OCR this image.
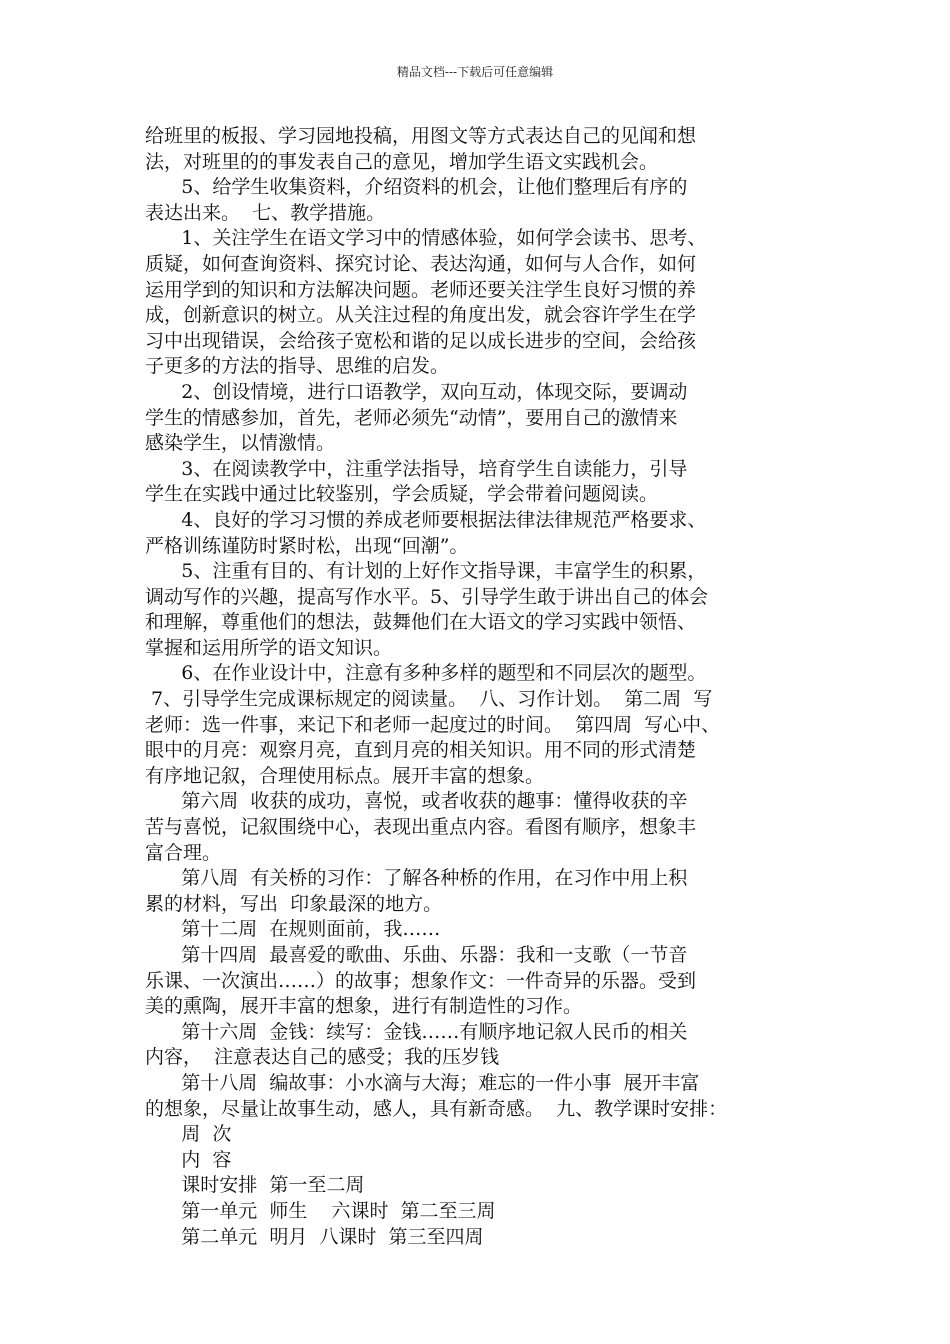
精品文档---下载后可任意编辑

给班里的板报、学习园地投稿，用图文等方式表达自己的见闻和想
法，对班里的的事发表自己的意见，增加学生语文实践机会。
5、给学生收集资料，介绍资料的机会，让他们整理后有序的
表达出来。  七、教学措施。
1、关注学生在语文学习中的情感体验，如何学会读书、思考、
质疑，如何查询资料、探究讨论、表达沟通，如何与人合作，如何
运用学到的知识和方法解决问题。老师还要关注学生良好习惯的养
成，创新意识的树立。从关注过程的角度出发，就会容许学生在学
习中出现错误，会给孩子宽松和谐的足以成长进步的空间，会给孩
子更多的方法的指导、思维的启发。
2、创设情境，进行口语教学，双向互动，体现交际，要调动
学生的情感参加，首先，老师必须先“动情”，要用自己的激情来
感染学生，以情激情。
3、在阅读教学中，注重学法指导，培育学生自读能力，引导
学生在实践中通过比较鉴别，学会质疑，学会带着问题阅读。
4、良好的学习习惯的养成老师要根据法律法律规范严格要求、
严格训练谨防时紧时松，出现“回潮”。
5、注重有目的、有计划的上好作文指导课，丰富学生的积累，
调动写作的兴趣，提高写作水平。5、引导学生敢于讲出自己的体会
和理解，尊重他们的想法，鼓舞他们在大语文的学习实践中领悟、
掌握和运用所学的语文知识。
6、在作业设计中，注意有多种多样的题型和不同层次的题型。
7、引导学生完成课标规定的阅读量。  八、习作计划。  第二周  写
老师：选一件事，来记下和老师一起度过的时间。  第四周  写心中、
眼中的月亮：观察月亮，直到月亮的相关知识。用不同的形式清楚
有序地记叙，合理使用标点。展开丰富的想象。
第六周  收获的成功，喜悦，或者收获的趣事：懂得收获的辛
苦与喜悦，记叙围绕中心，表现出重点内容。看图有顺序，想象丰
富合理。
第八周  有关桥的习作：了解各种桥的作用，在习作中用上积
累的材料，写出  印象最深的地方。
第十二周  在规则面前，我……
第十四周  最喜爱的歌曲、乐曲、乐器：我和一支歌（一节音
乐课、一次演出……）的故事；想象作文：一件奇异的乐器。受到
美的熏陶，展开丰富的想象，进行有制造性的习作。
第十六周  金钱：续写：金钱……有顺序地记叙人民币的相关
内容，  注意表达自己的感受；我的压岁钱
第十八周  编故事：小水滴与大海；难忘的一件小事  展开丰富
的想象，尽量让故事生动，感人，具有新奇感。  九、教学课时安排：
周  次
内  容
课时安排  第一至二周
第一单元  师生    六课时  第二至三周
第二单元  明月  八课时  第三至四周
